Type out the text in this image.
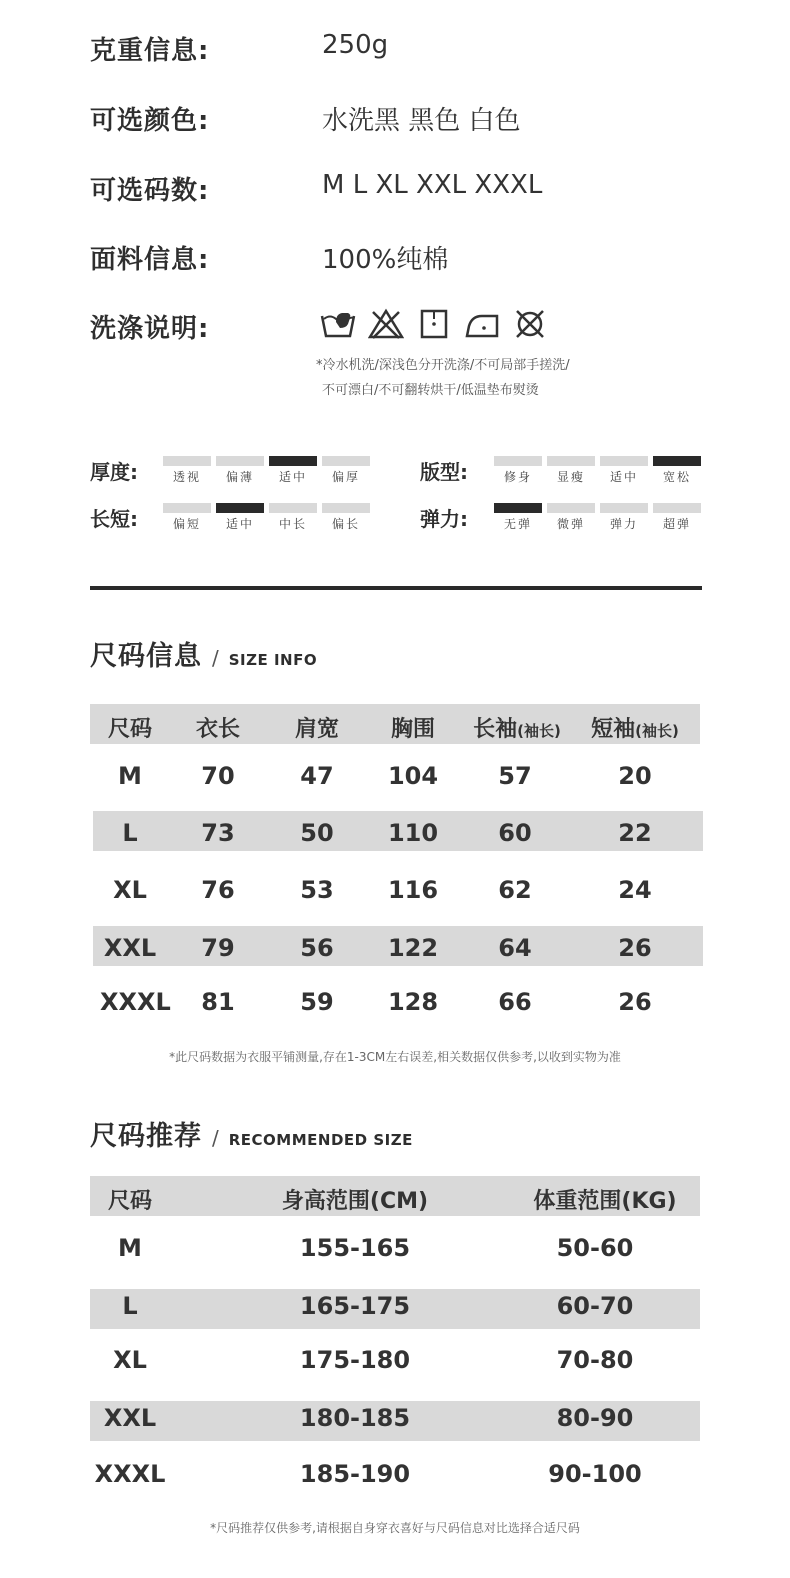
克重信息:	250g
可选颜色:	水洗黑 黑色 白色
可选码数:	M L XL XXL XXXL
面料信息:	100%纯棉
洗涤说明:
*冷水机洗/深浅色分开洗涤/不可局部手搓洗/
不可漂白/不可翻转烘干/低温垫布熨烫
厚度:	透视	偏薄	适中	偏厚	版型:	修身	显瘦	适中	宽松
长短:	偏短	适中	中长	偏长	弹力:	无弹	微弹	弹力	超弹
尺码信息 / SIZE INFO
尺码	衣长	肩宽	胸围	长袖(袖长)	短袖(袖长)
M	70	47	104	57	20
L	73	50	110	60	22
XL	76	53	116	62	24
XXL	79	56	122	64	26
XXXL	81	59	128	66	26
*此尺码数据为衣服平铺测量,存在1-3CM左右误差,相关数据仅供参考,以收到实物为准
尺码推荐 / RECOMMENDED SIZE
尺码	身高范围(CM)	体重范围(KG)
M	155-165	50-60
L	165-175	60-70
XL	175-180	70-80
XXL	180-185	80-90
XXXL	185-190	90-100
*尺码推荐仅供参考,请根据自身穿衣喜好与尺码信息对比选择合适尺码
